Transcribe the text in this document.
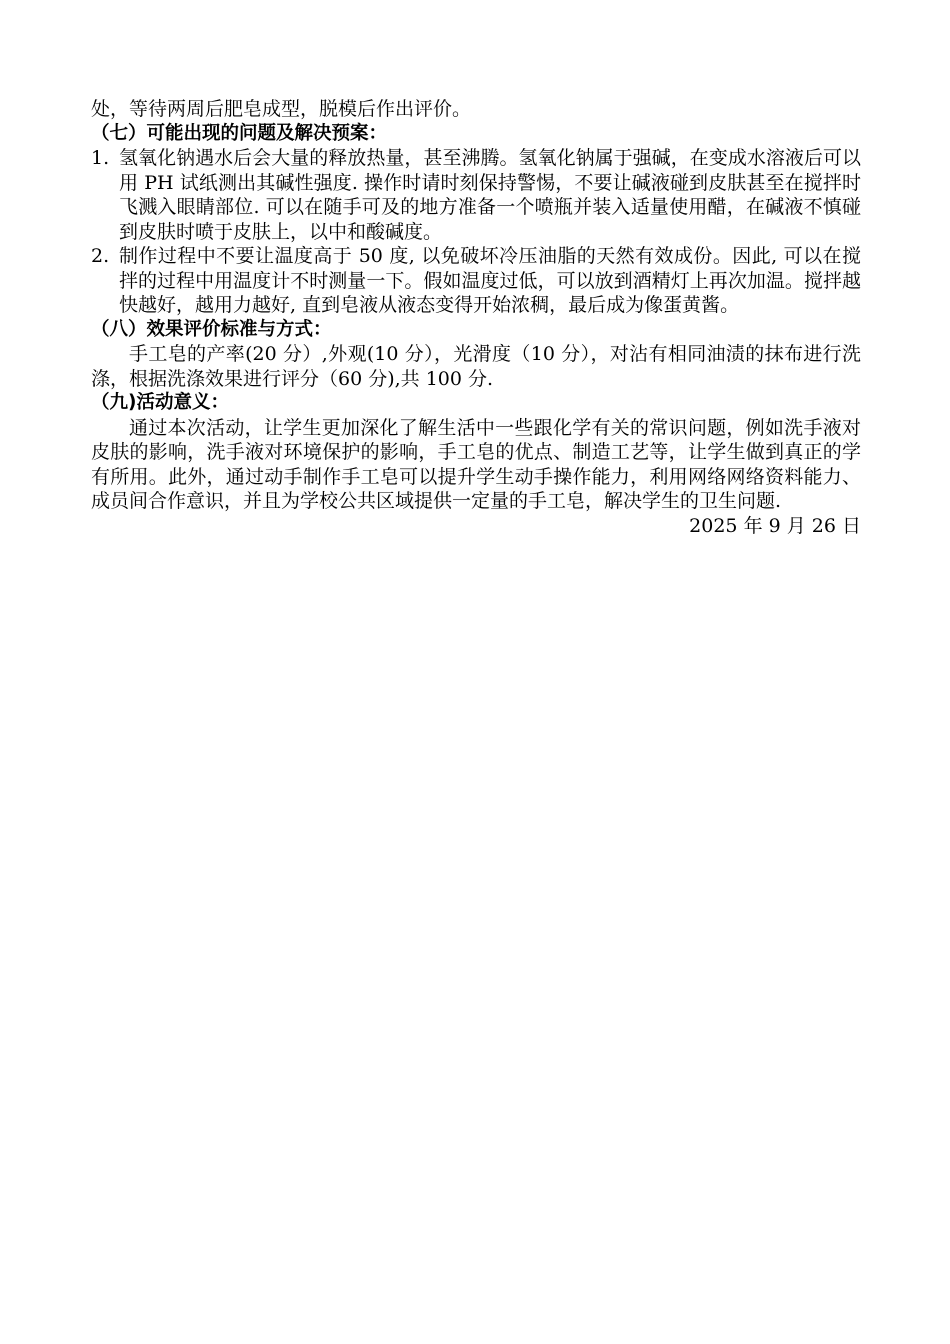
处，等待两周后肥皂成型，脱模后作出评价。
（七）可能出现的问题及解决预案：
1. 氢氧化钠遇水后会大量的释放热量，甚至沸腾。氢氧化钠属于强碱，在变成水溶液后可以用 PH 试纸测出其碱性强度. 操作时请时刻保持警惕，不要让碱液碰到皮肤甚至在搅拌时飞溅入眼睛部位. 可以在随手可及的地方准备一个喷瓶并装入适量使用醋，在碱液不慎碰到皮肤时喷于皮肤上，以中和酸碱度。
2. 制作过程中不要让温度高于 50 度, 以免破坏冷压油脂的天然有效成份。因此, 可以在搅拌的过程中用温度计不时测量一下。假如温度过低，可以放到酒精灯上再次加温。搅拌越快越好，越用力越好, 直到皂液从液态变得开始浓稠，最后成为像蛋黄酱。
（八）效果评价标准与方式：
手工皂的产率(20 分）,外观(10 分），光滑度（10 分），对沾有相同油渍的抹布进行洗涤，根据洗涤效果进行评分（60 分),共 100 分.
（九)活动意义：
通过本次活动，让学生更加深化了解生活中一些跟化学有关的常识问题，例如洗手液对皮肤的影响，洗手液对环境保护的影响，手工皂的优点、制造工艺等，让学生做到真正的学有所用。此外，通过动手制作手工皂可以提升学生动手操作能力，利用网络网络资料能力、成员间合作意识，并且为学校公共区域提供一定量的手工皂，解决学生的卫生问题.
2025 年 9 月 26 日
